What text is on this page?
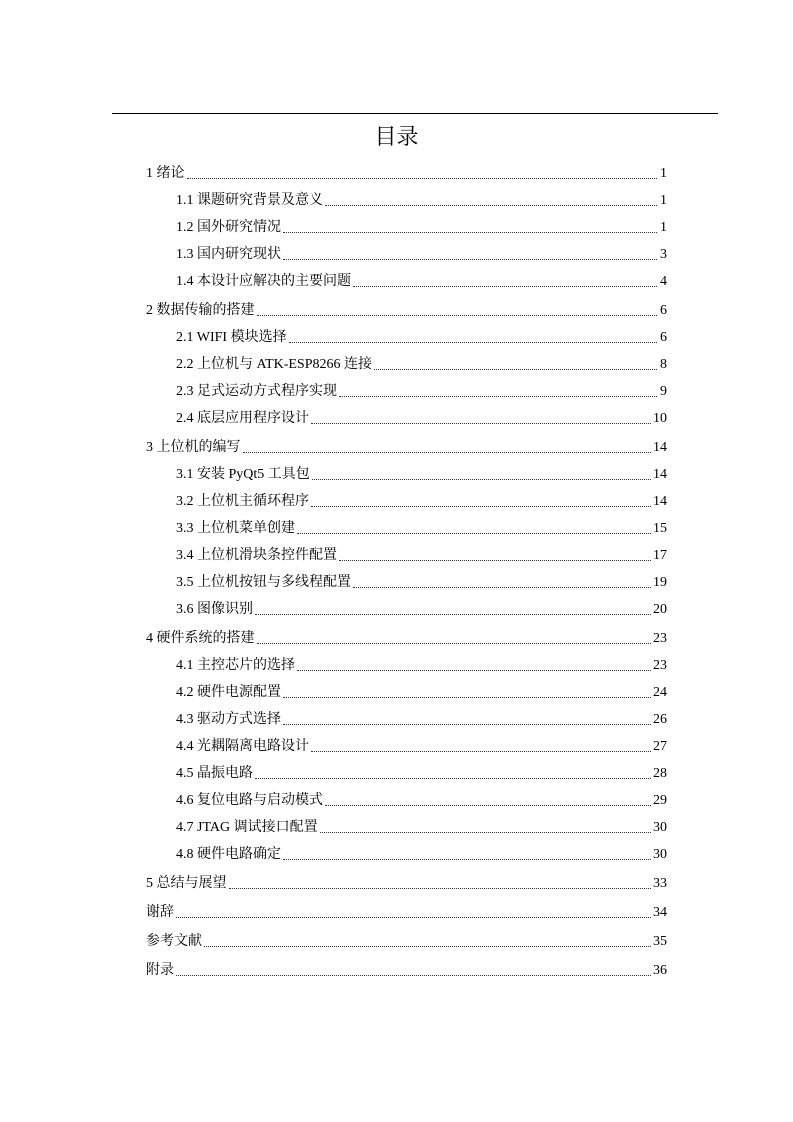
目录
1 绪论	1
1.1 课题研究背景及意义	1
1.2 国外研究情况	1
1.3 国内研究现状	3
1.4 本设计应解决的主要问题	4
2 数据传输的搭建	6
2.1 WIFI 模块选择	6
2.2 上位机与 ATK-ESP8266 连接	8
2.3 足式运动方式程序实现	9
2.4 底层应用程序设计	10
3 上位机的编写	14
3.1 安装 PyQt5 工具包	14
3.2 上位机主循环程序	14
3.3 上位机菜单创建	15
3.4 上位机滑块条控件配置	17
3.5 上位机按钮与多线程配置	19
3.6 图像识别	20
4 硬件系统的搭建	23
4.1 主控芯片的选择	23
4.2 硬件电源配置	24
4.3 驱动方式选择	26
4.4 光耦隔离电路设计	27
4.5 晶振电路	28
4.6 复位电路与启动模式	29
4.7 JTAG 调试接口配置	30
4.8 硬件电路确定	30
5 总结与展望	33
谢辞	34
参考文献	35
附录	36
